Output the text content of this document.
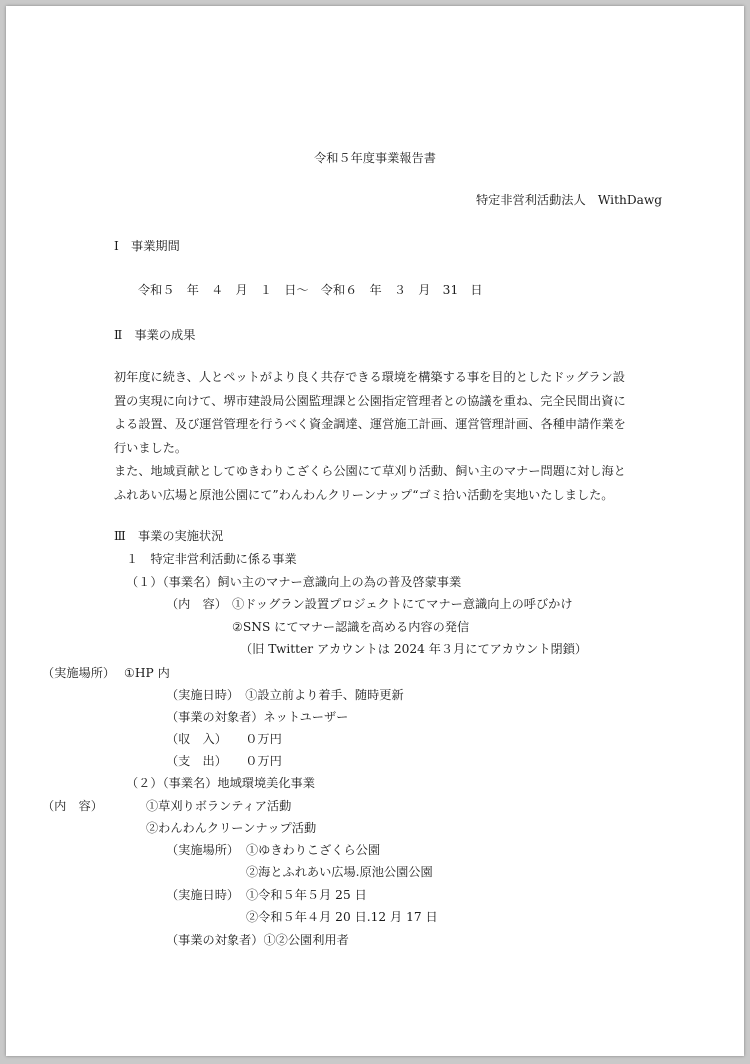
令和５年度事業報告書
特定非営利活動法人　WithDawg
Ⅰ　事業期間
令和５　年　４　月　１　日～　令和６　年　３　月　31　日
Ⅱ　事業の成果
初年度に続き、人とペットがより良く共存できる環境を構築する事を目的としたドッグラン設
置の実現に向けて、堺市建設局公園監理課と公園指定管理者との協議を重ね、完全民間出資に
よる設置、及び運営管理を行うべく資金調達、運営施工計画、運営管理計画、各種申請作業を
行いました。
また、地域貢献としてゆきわりこざくら公園にて草刈り活動、飼い主のマナー問題に対し海と
ふれあい広場と原池公園にて”わんわんクリーンナップ“ゴミ拾い活動を実地いたしました。
Ⅲ　事業の実施状況
１　特定非営利活動に係る事業
（１）（事業名）飼い主のマナー意識向上の為の普及啓蒙事業
（内　容） ①ドッグラン設置プロジェクトにてマナー意識向上の呼びかけ
②SNS にてマナー認識を高める内容の発信
（旧 Twitter アカウントは 2024 年３月にてアカウント閉鎖）
（実施場所） ①HP 内
（実施日時）　①設立前より着手、随時更新
（事業の対象者）ネットユーザー
（収　入）　　０万円
（支　出）　　０万円
（２）（事業名）地域環境美化事業
（内　容）	①草刈りボランティア活動
②わんわんクリーンナップ活動
（実施場所） ①ゆきわりこざくら公園
②海とふれあい広場.原池公園公園
（実施日時） ①令和５年５月 25 日
②令和５年４月 20 日.12 月 17 日
（事業の対象者）①②公園利用者
